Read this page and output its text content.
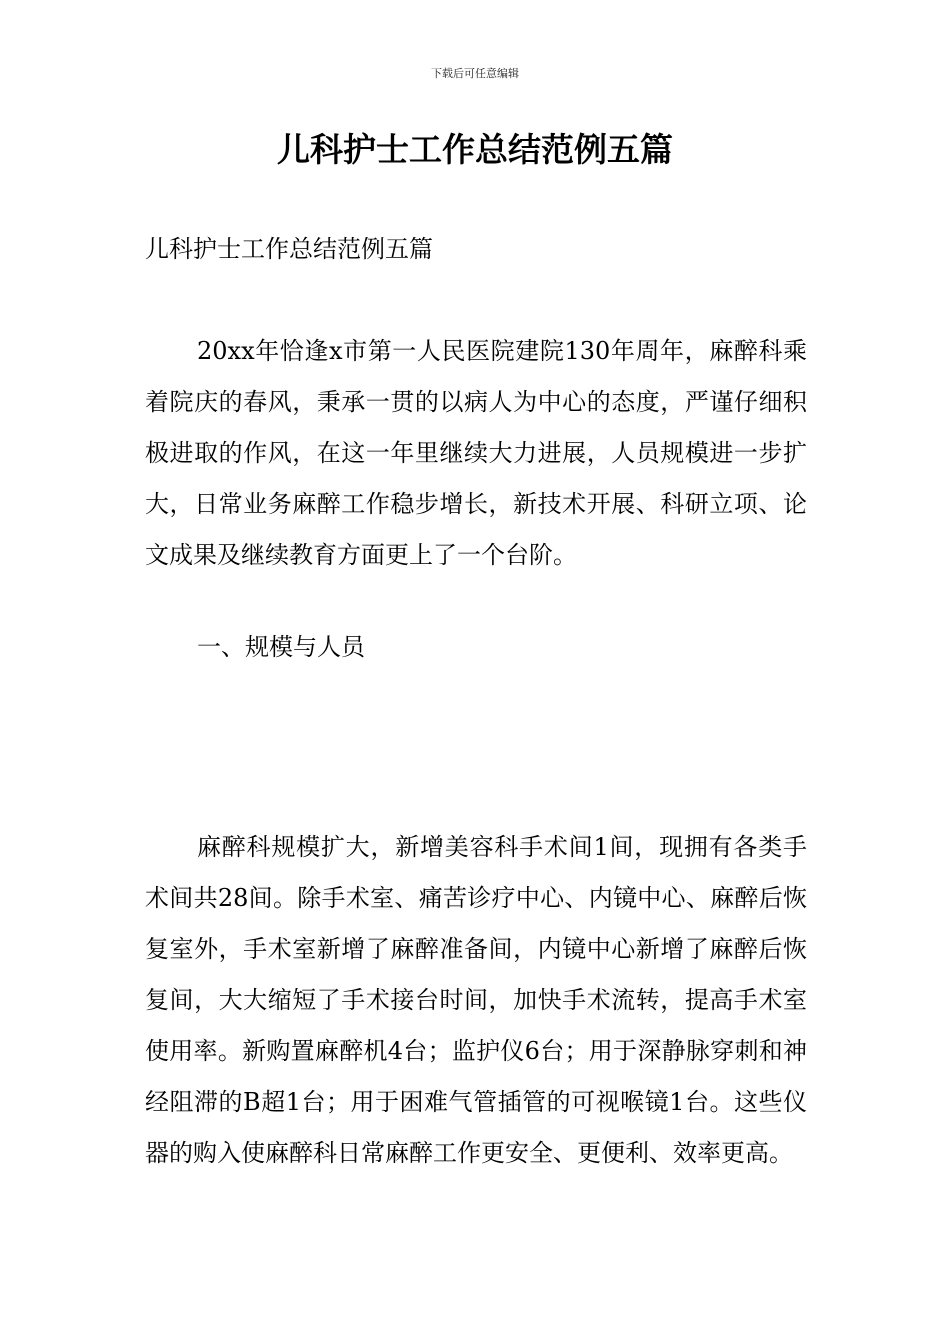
下载后可任意编辑
儿科护士工作总结范例五篇

儿科护士工作总结范例五篇

20xx年恰逢x市第一人民医院建院130年周年，麻醉科乘着院庆的春风，秉承一贯的以病人为中心的态度，严谨仔细积极进取的作风，在这一年里继续大力进展，人员规模进一步扩大，日常业务麻醉工作稳步增长，新技术开展、科研立项、论文成果及继续教育方面更上了一个台阶。

一、规模与人员

麻醉科规模扩大，新增美容科手术间1间，现拥有各类手术间共28间。除手术室、痛苦诊疗中心、内镜中心、麻醉后恢复室外，手术室新增了麻醉准备间，内镜中心新增了麻醉后恢复间，大大缩短了手术接台时间，加快手术流转，提高手术室使用率。新购置麻醉机4台；监护仪6台；用于深静脉穿刺和神经阻滞的B超1台；用于困难气管插管的可视喉镜1台。这些仪器的购入使麻醉科日常麻醉工作更安全、更便利、效率更高。
